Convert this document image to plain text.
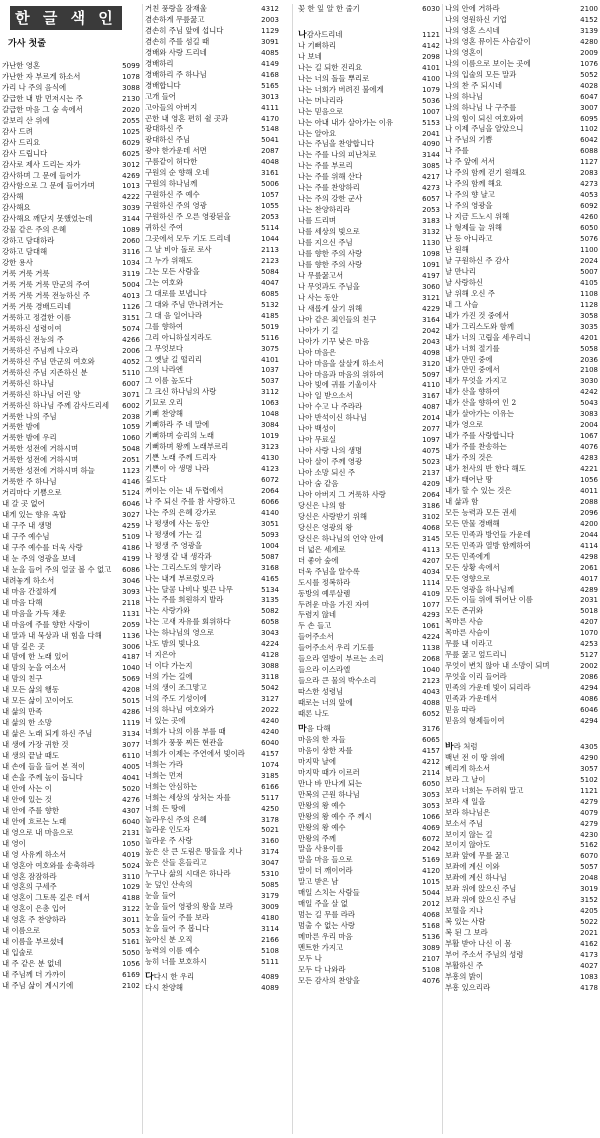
한 글 색 인
가사 첫줄
가난한 영혼	5099
가난한 자 부르게 하소서	1078
가리 나 주의 음식에	3088
갈급한 내 밤 먼저시는 주	2130
갈급한 마음 그 숨 속에서	2020
갈보리 산 위에	2055
감사 드려	1025
감사 드리요	6029
감사 드립니다	6025
감사로 제사 드리는 자가	3012
감사하며 그 문에 들어가	4269
감사함으로 그 문에 들어가며	1013
감사해	4222
감사해요	3039
감사해요 깨닫지 못했었는데	3144
강물 같은 주의 은혜	1089
강하고 담대하라	2060
강하고 담대해	3116
강한 용사	1034
거룩 거룩 거룩	3119
거룩 거룩 거룩 만군의 주여	5004
거룩 거룩 거룩 전능하신 주	4013
거룩 거룩 경배드리네	1126
거룩하고 정결한 이름	3151
거룩하신 성령이여	5074
거룩하신 전능의 주	4266
거룩하신 주님께 나오라	2006
거룩하신 주님 만군의 여호와	4052
거룩하신 주님 지존하신 분	5110
거룩하신 하나님	6007
거룩하신 하나님 어린 양	3071
거룩하신 하나님 주께 감사드리세 6002
거룩한 나의 주님	2038
거룩한 밤에	1059
거룩한 밤에 우리	1060
거룩한 성전에 거하시며	5048
거룩한 성전에 거하시며	2051
거룩한 성전에 거하시며 하늘	1123
거룩한 주 하나님	4146
거리마다 기쁨으로	5124
내 갈 곳 없어	6046
내게 있는 향유 옥합	3027
내 구주 내 생명	4259
내 구주 예수님	5109
내 구주 예수를 더욱 사랑	4186
내 눈 주의 영광을 보네	4199
내 눈을 들어 주의 얼굴 볼 수 없고 6086
내려놓게 하소서	3046
내 마음 간절하게	3093
내 마음 다해	2118
내 마음을 가득 채운	1131
내 마음에 주를 향한 사랑이	2059
내 말과 내 묵상과 내 힘을 다해	1136
내 맘 깊은 곳	3006
내 맘에 한 노래 있어	4187
내 맘의 눈을 여소서	1040
내 맘의 친구	5069
내 모든 삶의 행동	4208
내 모든 삶이 꼬이어도	5015
내 삶의 만족	4286
내 삶의 한 소망	1119
내 삶은 노래 되게 하신 주님	3134
내 생에 가장 귀한 것	3077
내 생의 끝날 때도	6110
내 손에 들을 들어 본 적이	4005
내 손을 주께 높이 듭니다	4041
내 안에 사는 이	5020
내 안에 있는 것	4276
내 안에 주를 향한	4307
내 안에 흐르는 노래	6040
내 영으로 내 마음으로	2131
내 영이	1050
내 영 사유케 하소서	4019
내 영혼아 여호와를 송축하라	5024
내 영혼 잠잠하라	3110
내 영혼의 구세주	1029
내 영혼이 그토록 깊은 데서	4188
내 영혼이 은총 입어	3122
내 영혼 주 찬양하라	3011
내 이름으로	5053
내 이름을 부르셨네	5161
내 입술로	5050
내 주 같은 분 없네	1056
내 주님께 더 가까이	6169
내 주님 삶이 계시기에	2102
거친 풍랑을 잠재울	4312
겸손하게 무릎꿇고	2003
겸손히 주님 앞에 섭니다	1129
겸손히 주를 섬길 때	3091
경배와 사랑 드리네	4085
경배하리	4149
경배하리 주 하나님	4168
경배합니다	5165
고개 들어	3013
고아들의 아버지	4111
곤한 내 영혼 편히 쉴 곳과	4170
광대하신 주	5148
광대하신 주님	5041
광야 한가운데 서면	2087
구름같이 허다한	4048
구원의 순 향해 오네	3161
구원의 하나님께	5006
구원하신 주 예수	1057
구원하신 주의 영광	1055
구원하신 주 오른 영광된을	2053
귀하신 주여	5114
그곳에서 모두 기도 드리네	1044
그 날 비아 돌로 로사	2113
그 누가 위해도	2123
그는 모든 사람을	5084
그는 여호와	4047
그 대로를 보냅니다	6085
그 대와 주님 만나려거는	5132
그 대 음 일어나라	4185
그를 향하여	5019
그리 아니하실지라도	5116
그 무엇보다	3075
그 옛날 길 떨리리	4101
그의 나라엔	1037
그 이름 높도다	5037
그 크신 하나님의 사랑	3112
기묘로 오리	1063
기뻐 찬양해	1048
기뻐하라 주 네 말에	3084
기뻐하며 승리의 노래	1019
기뻐하며 왕께 노래부르리	3123
기쁜 노래 주께 드리자	4130
기쁜이 아 생명 나라	4123
깊도다	6072
꺼이는 이는 내 두렵에서	2064
나 주 되신 주를 참 사랑하고	6066
나는 주의 은혜 강가로	4140
나 평생에 사는 동안	3051
나 평생에 가는 길	5093
나 평생 주 영광을	1004
나 평생 같 내 생각과	5087
나는 그리스도의 향기라	3168
나는 내게 부르렀오라	4165
나는 달콤 나비나 빛끈 나무	5134
나는 주를 희원하지 발라	3135
나는 사랑가와	5082
나는 고새 자유를 회위하다	6058
나는 하나님의 영으로	3043
나도 밤의 빛나요	4224
너 지은아	4128
너 이다 가는지	3088
너의 가는 길에	3118
너의 생이 조그맣고	5042
너의 주도 기성이에	3127
너의 하나님 여호와가	2022
너 있는 곳에	4240
너희가 나의 이름 부를 때	4240
너희가 풍풍 찌든 현관을	6040
너희가 이제는 주연에서 빛이라 4157
너희는 가라	1074
너희는 먼저	3185
너희는 안심하는	6166
너희는 세상의 상처는 자를	5117
너희 든 땅에	4250
놀라우신 주의 은혜	3178
놀라운 인도자	5021
놀라운 주 사랑	3160
높은 산 큰 도림은 땅들을 지나	3174
높은 산들 흔들리고	3047
누구나 삶의 시대은 하나라	5310
눈 덮인 산속의	5085
눈을 들어	3179
눈을 들어 영광의 왕을 보라	3009
눈을 들어 주를 보라	4180
눈을 들어 주 봅니다	3114
높아신 분 오직	2166
능력의 이름 예수	5108
능히 너를 보호하시	5111
다다시 한 우리	4089
다시 찬양해	4089
꽃 한 잎 알 한 줄기	6030
나감사드리네	1121
나 기뻐하리	4142
나 보네	2098
나는 길 되한 진리요	4101
나는 너의 돌들 뿌리로	4100
나는 너희가 버려진 불에게	1079
나는 머나리라	5036
나는 믿음으로	1007
나는 아내 내가 살아가는 이유	5153
나는 알아요	2041
나는 주님을 찬양합니다	4090
나는 주를 나의 피난처로	3144
나는 주를 부르리	3085
나는 주를 위해 산다	4217
나는 주를 찬양하리	4273
나는 주의 강한 군사	6057
나는 찬양하리라	2053
나를 드리며	3183
나를 세상의 빛으로	3132
나를 지으신 주님	1130
나를 향한 주의 사랑	1098
나를 향한 주의 사랑	1091
나 무릎꿇고서	4197
나 무엇과도 주님을	3060
나 사는 동안	3121
나 새롭게 살기 위해	4229
나아 같은 죄인들의 친구	3164
나아가 기 길	2042
나아가 기꾸 낮은 마음	2043
나아 마음은	4098
나아 마음을 살살게 하소서	3120
나아 마음과 마음의 위하여	5097
나아 빛에 귀를 기울이사	4110
나아 일 받으소서	3167
나아 수고 나 주라라	4087
나아 반석이신 하나님	2014
나아 백성이	2077
나아 무료실	1097
나아 사랑 나의 생명	4075
나아 살이 주께 영광	5023
나아 소망 되신 주	2137
나아 숨 같음	4209
나아 아버지 그 거룩하 사랑	2064
당신은 나의 함	3186
당신은 사랑받기 위해	3102
당신은 영광의 왕	4068
당신은 하나님의 언약 안에	3145
더 넓은 세계로	4113
더 좋아 숲에	4207
더욱 주님을 알수록	4034
도시를 정복하라	1114
동방의 예루살렘	4109
두려운 마음 가진 자여	1077
두렴지 않네	4293
두 손 들고	1061
들어주소서	4224
들어주소서 우리 기도를	1138
들으라 열방이 부르는 소리	2068
들으라 이스라엘	1040
들으라 큰 물의 박수소리	2123
따스한 성령님	4043
때로는 너의 앞에	4088
때론 나도	6052
마음 다해	3176
마음의 한 자들	6065
마음이 상한 자를	4157
마지막 날에	4212
마지막 때가 이르러	2114
만나 바 만나게 되는	6050
만복의 근원 하나님	3053
만왕의 왕 예수	3053
만왕의 왕 예수 주 께시	1066
만왕의 왕 예수	4069
만왕의 주께	6072
말을 사용이를	2042
말을 마음 들으로	5169
말이 더 깨이어라	4120
말고 받은 남	1015
매일 스치는 사람들	5044
매일 주을 살 없	2012
멈는 길 무를 라라	4068
멈출 수 없는 사랑	5168
메마른 우리 마음	5136
멘트한 가지고	3089
모두 나	2107
모두 다 나와라	5108
모든 감사의 찬양을	4076
나의 안에 거하라	2100
나의 영원하신 기업	4152
나의 영혼 스시네	3139
나의 영혼 뮤이든 사슴같이	4280
나의 영혼이	2009
나의 이름으로 보이는 곳에	1076
나의 입술의 모든 말과	5052
나의 찬 주 되시네	4028
나의 하나님	6047
나의 하나님 나 구주를	3007
나의 힘이 되신 여호와여	6095
나 이제 주님을 알았으니	1102
나 주님의 기쁨	6042
나 주를	6088
나 주 앞에 서서	1127
나 주의 함께 걷기 원해요	2083
나 주의 함께 해요	4273
나 주의 향 날고	4053
나 주의 영광을	6092
나 지금 드노시 위해	4260
나 형제들 늘 위해	6050
난 등 아니라고	5076
난 원해	1100
날 구원하신 주 감사	2024
날 만나리	5007
날 사랑하신	4105
날 위해 오신 주	1108
내 그 사슬	1128
내가 가진 것 중에서	3058
내가 그리스도와 함께	3035
내가 너의 고립을 세우리니	4201
내가 너희 절기를	5058
내가 만민 중에	2036
내가 만민 중에서	2108
내가 무엇을 가지고	3030
내가 산을 향하여	4242
내가 산을 향하여 인 2	5043
내가 살아가는 이유는	3083
내가 영으로	2004
내가 주를 사랑합니다	1067
내가 주를 찬송하는	4076
내가 주의 것은	4283
내가 천사의 반 한다 해도	4221
내가 태어난 땅	1056
내가 할 수 있는 것은	4011
내 삶과 함	2088
모든 능력과 모든 권세	2096
모든 만물 경배해	4200
모든 민족과 방언들 가운데	2044
모든 민족과 열방 함께하여	4114
모든 민족에게	4298
모든 상황 속에서	2061
모든 영향으로	4017
모든 영광을 하나님께	4289
모든 이들 위에 뛰어난 이름	2031
모든 존귀와	5018
목마른 사슴	4207
목마른 사슴이	1070
무릎 내 이라고	4253
무릎 꿇고 엎드리니	5127
무엇이 변치 않아 내 소망이 되며	2002
무엇을 이리 들어라	2086
민족의 가운데 빛이 되리라	4294
민족과 가운데서	4086
믿음 따라	6046
믿음의 형제들이여	4294
바라 처럼	4305
백년 전 이 땅 위에	4290
베리게 하소서	3057
보라 그 날이	5102
보라 너희는 두려워 말고	1121
보라 새 일을	4279
보라 하나님은	4079
보소서 주님	4279
보이지 않는 길	4230
보이지 않아도	5162
보좌 앞에 무릎 꿇고	6070
보좌에 계신 이와	5057
보좌에 계신 하나님	2048
보좌 위에 앉으신 주님	3019
보좌 위에 앉으신 주님	3152
보혈을 지나	4205
복 있는 사람	5022
복 된 그 보라	2021
부활 받아 나신 이 몸	4162
부어 주소서 주님의 성령	4173
부활하신 주	4027
부흥의 밝이	1083
부흥 있으리라	4178
